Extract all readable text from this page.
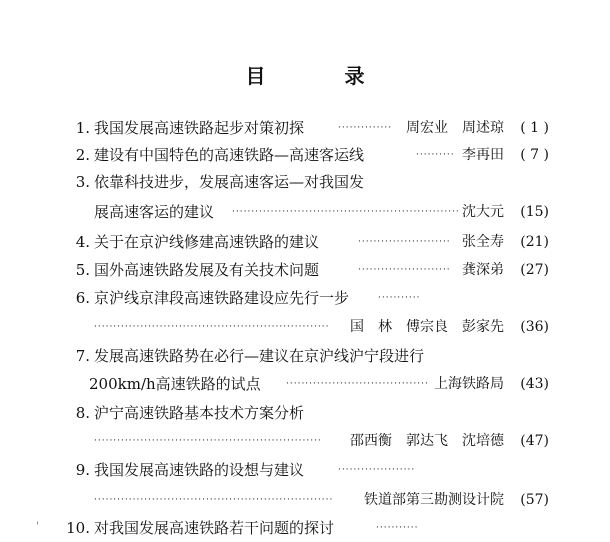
目 录
1. 我国发展高速铁路起步对策初探	·············· 周宏业　周述琼	( 1 )
2. 建设有中国特色的高速铁路—高速客运线	·········· 李再田	( 7 )
3. 依靠科技进步，发展高速客运—对我国发
展高速客运的建议 ··························································· 沈大元	(15)
4. 关于在京沪线修建高速铁路的建议	························ 张全寿	(21)
5. 国外高速铁路发展及有关技术问题	························ 龚深弟	(27)
6. 京沪线京津段高速铁路建设应先行一步	···········
·····························································	国　林　傅宗良　彭家先	(36)
7. 发展高速铁路势在必行—建议在京沪线沪宁段进行
200km/h高速铁路的试点	····································· 上海铁路局	(43)
8. 沪宁高速铁路基本技术方案分析
···························································	邵西衡　郭达飞　沈培德	(47)
9. 我国发展高速铁路的设想与建议	····················
······························································	铁道部第三勘测设计院	(57)
10. 对我国发展高速铁路若干问题的探讨	···········
'
